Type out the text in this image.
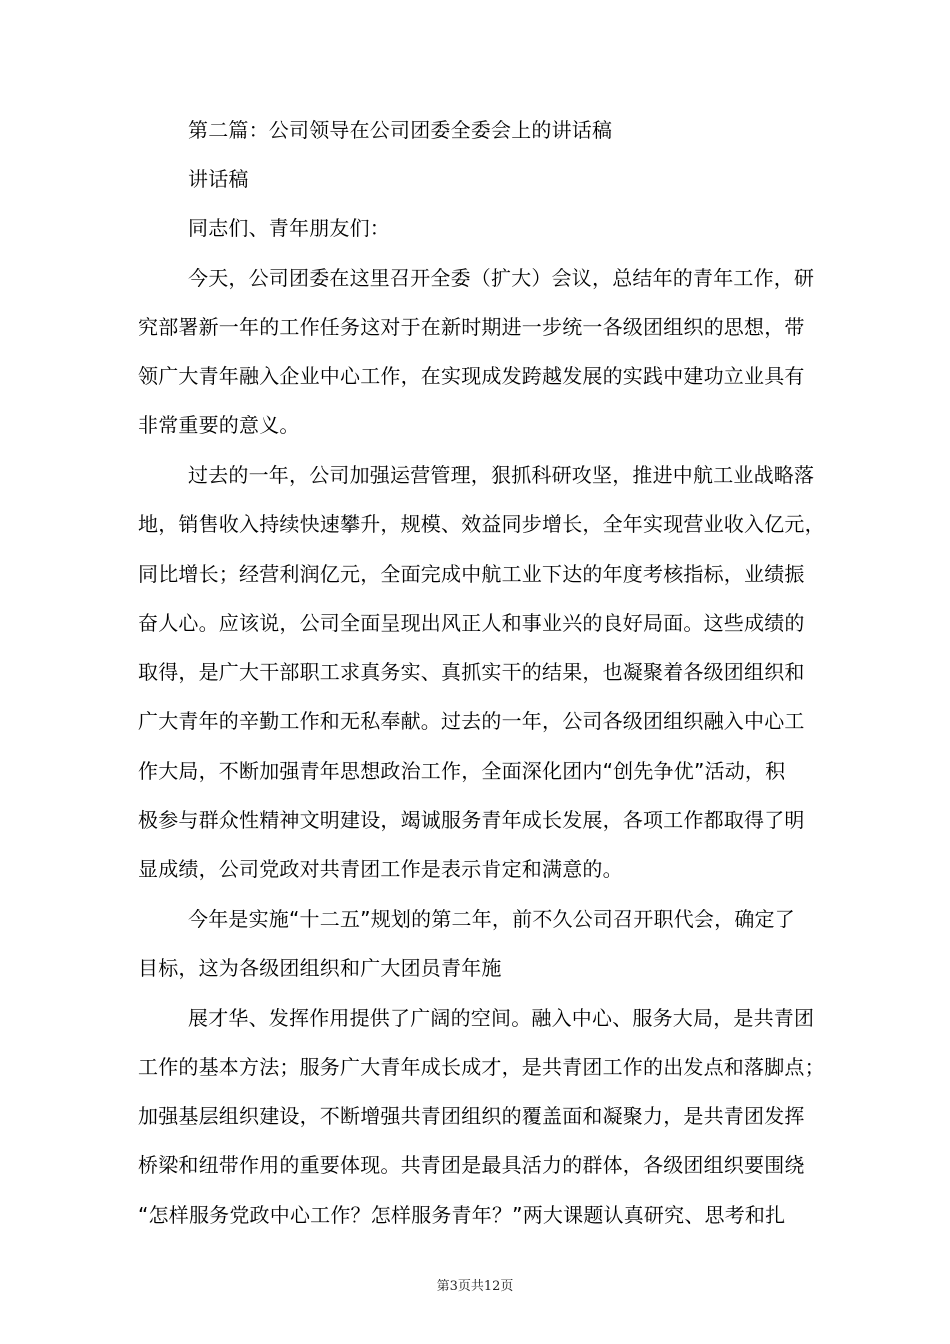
第二篇：公司领导在公司团委全委会上的讲话稿
讲话稿
同志们、青年朋友们：
今天，公司团委在这里召开全委（扩大）会议，总结年的青年工作，研
究部署新一年的工作任务这对于在新时期进一步统一各级团组织的思想，带
领广大青年融入企业中心工作，在实现成发跨越发展的实践中建功立业具有
非常重要的意义。
过去的一年，公司加强运营管理，狠抓科研攻坚，推进中航工业战略落
地，销售收入持续快速攀升，规模、效益同步增长，全年实现营业收入亿元，
同比增长；经营利润亿元，全面完成中航工业下达的年度考核指标，业绩振
奋人心。应该说，公司全面呈现出风正人和事业兴的良好局面。这些成绩的
取得，是广大干部职工求真务实、真抓实干的结果，也凝聚着各级团组织和
广大青年的辛勤工作和无私奉献。过去的一年，公司各级团组织融入中心工
作大局，不断加强青年思想政治工作，全面深化团内“创先争优”活动，积
极参与群众性精神文明建设，竭诚服务青年成长发展，各项工作都取得了明
显成绩，公司党政对共青团工作是表示肯定和满意的。
今年是实施“十二五”规划的第二年，前不久公司召开职代会，确定了
目标，这为各级团组织和广大团员青年施
展才华、发挥作用提供了广阔的空间。融入中心、服务大局，是共青团
工作的基本方法；服务广大青年成长成才，是共青团工作的出发点和落脚点；
加强基层组织建设，不断增强共青团组织的覆盖面和凝聚力，是共青团发挥
桥梁和纽带作用的重要体现。共青团是最具活力的群体，各级团组织要围绕
“怎样服务党政中心工作？怎样服务青年？”两大课题认真研究、思考和扎
第3页共12页
